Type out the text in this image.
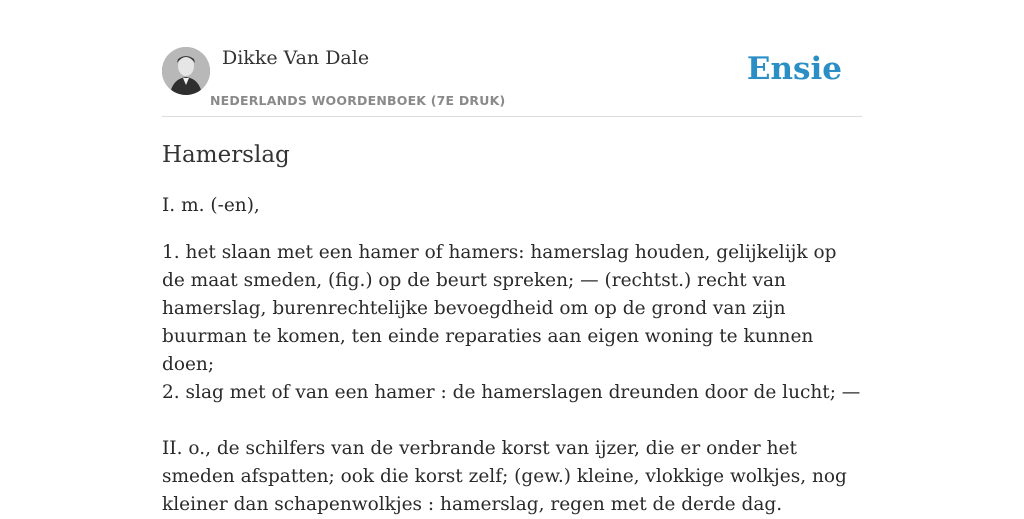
Dikke Van Dale
NEDERLANDS WOORDENBOEK (7E DRUK)
Ensie
Hamerslag

I. m. (-en),

1. het slaan met een hamer of hamers: hamerslag houden, gelijkelijk op de maat smeden, (fig.) op de beurt spreken; — (rechtst.) recht van hamerslag, burenrechtelijke bevoegdheid om op de grond van zijn buurman te komen, ten einde reparaties aan eigen woning te kunnen doen;

2. slag met of van een hamer : de hamerslagen dreunden door de lucht; —

II. o., de schilfers van de verbrande korst van ijzer, die er onder het smeden afspatten; ook die korst zelf; (gew.) kleine, vlokkige wolkjes, nog kleiner dan schapenwolkjes : hamerslag, regen met de derde dag.
